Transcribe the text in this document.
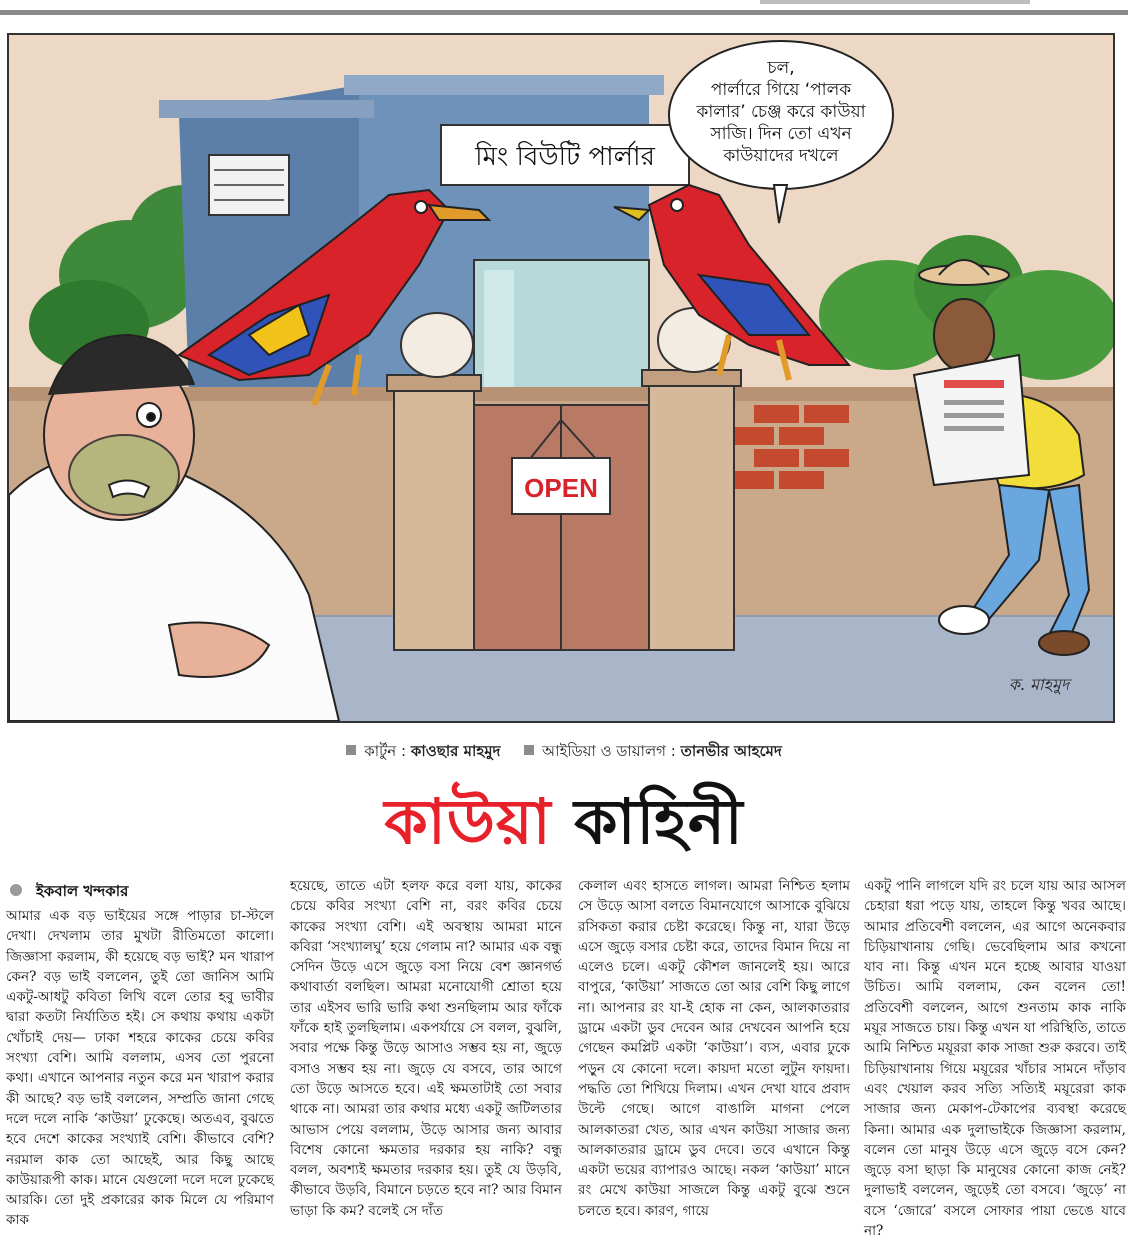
চল,
পার্লারে গিয়ে ‘পালক
কালার’ চেঞ্জ করে কাউয়া
সাজি। দিন তো এখন
কাউয়াদের দখলে
মিং বিউটি পার্লার
OPEN
ক. মাহমুদ
কার্টুন : কাওছার মাহমুদ	আইডিয়া ও ডায়ালগ : তানভীর আহমেদ
কাউয়া কাহিনী
ইকবাল খন্দকার
আমার এক বড় ভাইয়ের সঙ্গে পাড়ার চা-স্টলে দেখা। দেখলাম তার মুখটা রীতিমতো কালো। জিজ্ঞাসা করলাম, কী হয়েছে বড় ভাই? মন খারাপ কেন? বড় ভাই বললেন, তুই তো জানিস আমি একটু-আধটু কবিতা লিখি বলে তোর হবু ভাবীর দ্বারা কতটা নির্যাতিত হই। সে কথায় কথায় একটা খোঁচাই দেয়— ঢাকা শহরে কাকের চেয়ে কবির সংখ্যা বেশি। আমি বললাম, এসব তো পুরনো কথা। এখানে আপনার নতুন করে মন খারাপ করার কী আছে? বড় ভাই বললেন, সম্প্রতি জানা গেছে দলে দলে নাকি ‘কাউয়া’ ঢুকেছে। অতএব, বুঝতে হবে দেশে কাকের সংখ্যাই বেশি। কীভাবে বেশি? নরমাল কাক তো আছেই, আর কিছু আছে কাউয়ারূপী কাক। মানে যেগুলো দলে দলে ঢুকেছে আরকি। তো দুই প্রকারের কাক মিলে যে পরিমাণ কাক
হয়েছে, তাতে এটা হলফ করে বলা যায়, কাকের চেয়ে কবির সংখ্যা বেশি না, বরং কবির চেয়ে কাকের সংখ্যা বেশি। এই অবস্থায় আমরা মানে কবিরা ‘সংখ্যালঘু’ হয়ে গেলাম না? আমার এক বন্ধু সেদিন উড়ে এসে জুড়ে বসা নিয়ে বেশ জ্ঞানগর্ভ কথাবার্তা বলছিল। আমরা মনোযোগী শ্রোতা হয়ে তার এইসব ভারি ভারি কথা শুনছিলাম আর ফাঁকে ফাঁকে হাই তুলছিলাম। একপর্যায়ে সে বলল, বুঝলি, সবার পক্ষে কিন্তু উড়ে আসাও সম্ভব হয় না, জুড়ে বসাও সম্ভব হয় না। জুড়ে যে বসবে, তার আগে তো উড়ে আসতে হবে। এই ক্ষমতাটাই তো সবার থাকে না। আমরা তার কথার মধ্যে একটু জটিলতার আভাস পেয়ে বললাম, উড়ে আসার জন্য আবার বিশেষ কোনো ক্ষমতার দরকার হয় নাকি? বন্ধু বলল, অবশ্যই ক্ষমতার দরকার হয়। তুই যে উড়বি, কীভাবে উড়বি, বিমানে চড়তে হবে না? আর বিমান ভাড়া কি কম? বলেই সে দাঁত
কেলাল এবং হাসতে লাগল। আমরা নিশ্চিত হলাম সে উড়ে আসা বলতে বিমানযোগে আসাকে বুঝিয়ে রসিকতা করার চেষ্টা করেছে। কিন্তু না, যারা উড়ে এসে জুড়ে বসার চেষ্টা করে, তাদের বিমান দিয়ে না এলেও চলে। একটু কৌশল জানলেই হয়। আরে বাপুরে, ‘কাউয়া’ সাজতে তো আর বেশি কিছু লাগে না। আপনার রং যা-ই হোক না কেন, আলকাতরার ড্রামে একটা ডুব দেবেন আর দেখবেন আপনি হয়ে গেছেন কমপ্লিট একটা ‘কাউয়া’। ব্যস, এবার ঢুকে পড়ুন যে কোনো দলে। কায়দা মতো লুটুন ফায়দা। পদ্ধতি তো শিখিয়ে দিলাম। এখন দেখা যাবে প্রবাদ উল্টে গেছে। আগে বাঙালি মাগনা পেলে আলকাতরা খেত, আর এখন কাউয়া সাজার জন্য আলকাতরার ড্রামে ডুব দেবে। তবে এখানে কিন্তু একটা ভয়ের ব্যাপারও আছে। নকল ‘কাউয়া’ মানে রং মেখে কাউয়া সাজলে কিন্তু একটু বুঝে শুনে চলতে হবে। কারণ, গায়ে
একটু পানি লাগলে যদি রং চলে যায় আর আসল চেহারা ধরা পড়ে যায়, তাহলে কিন্তু খবর আছে। আমার প্রতিবেশী বললেন, এর আগে অনেকবার চিড়িয়াখানায় গেছি। ভেবেছিলাম আর কখনো যাব না। কিন্তু এখন মনে হচ্ছে আবার যাওয়া উচিত। আমি বললাম, কেন বলেন তো! প্রতিবেশী বললেন, আগে শুনতাম কাক নাকি ময়ূর সাজতে চায়। কিন্তু এখন যা পরিস্থিতি, তাতে আমি নিশ্চিত ময়ূররা কাক সাজা শুরু করবে। তাই চিড়িয়াখানায় গিয়ে ময়ূরের খাঁচার সামনে দাঁড়াব এবং খেয়াল করব সত্যি সত্যিই ময়ূরেরা কাক সাজার জন্য মেকাপ-টেকাপের ব্যবস্থা করেছে কিনা। আমার এক দুলাভাইকে জিজ্ঞাসা করলাম, বলেন তো মানুষ উড়ে এসে জুড়ে বসে কেন? জুড়ে বসা ছাড়া কি মানুষের কোনো কাজ নেই? দুলাভাই বললেন, জুড়েই তো বসবে। ‘জুড়ে’ না বসে ‘জোরে’ বসলে সোফার পায়া ভেঙে যাবে না?
